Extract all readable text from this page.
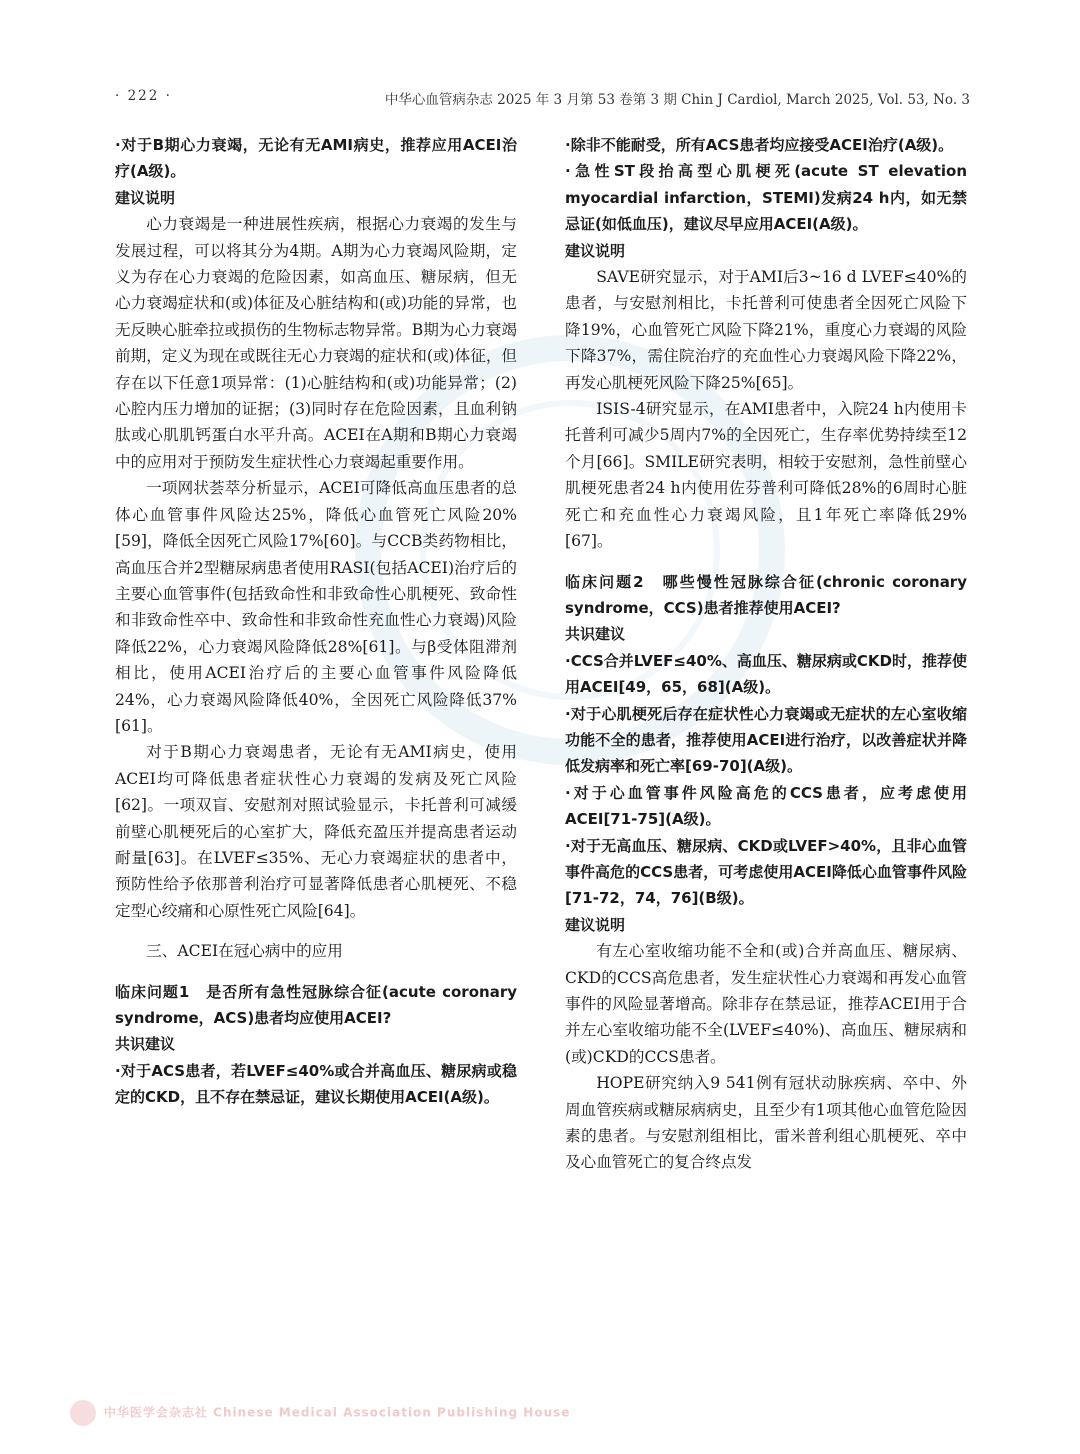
· 222 ·	中华心血管病杂志 2025 年 3 月第 53 卷第 3 期 Chin J Cardiol, March 2025, Vol. 53, No. 3

·对于B期心力衰竭，无论有无AMI病史，推荐应用ACEI治疗(A级)。

建议说明

心力衰竭是一种进展性疾病，根据心力衰竭的发生与发展过程，可以将其分为4期。A期为心力衰竭风险期，定义为存在心力衰竭的危险因素，如高血压、糖尿病，但无心力衰竭症状和(或)体征及心脏结构和(或)功能的异常，也无反映心脏牵拉或损伤的生物标志物异常。B期为心力衰竭前期，定义为现在或既往无心力衰竭的症状和(或)体征，但存在以下任意1项异常：(1)心脏结构和(或)功能异常；(2)心腔内压力增加的证据；(3)同时存在危险因素，且血利钠肽或心肌肌钙蛋白水平升高。ACEI在A期和B期心力衰竭中的应用对于预防发生症状性心力衰竭起重要作用。

一项网状荟萃分析显示，ACEI可降低高血压患者的总体心血管事件风险达25%，降低心血管死亡风险20%[59]，降低全因死亡风险17%[60]。与CCB类药物相比，高血压合并2型糖尿病患者使用RASI(包括ACEI)治疗后的主要心血管事件(包括致命性和非致命性心肌梗死、致命性和非致命性卒中、致命性和非致命性充血性心力衰竭)风险降低22%，心力衰竭风险降低28%[61]。与β受体阻滞剂相比，使用ACEI治疗后的主要心血管事件风险降低24%，心力衰竭风险降低40%，全因死亡风险降低37%[61]。

对于B期心力衰竭患者，无论有无AMI病史，使用ACEI均可降低患者症状性心力衰竭的发病及死亡风险[62]。一项双盲、安慰剂对照试验显示，卡托普利可减缓前壁心肌梗死后的心室扩大，降低充盈压并提高患者运动耐量[63]。在LVEF≤35%、无心力衰竭症状的患者中，预防性给予依那普利治疗可显著降低患者心肌梗死、不稳定型心绞痛和心原性死亡风险[64]。

三、ACEI在冠心病中的应用

临床问题1　是否所有急性冠脉综合征(acute coronary syndrome，ACS)患者均应使用ACEI?

共识建议

·对于ACS患者，若LVEF≤40%或合并高血压、糖尿病或稳定的CKD，且不存在禁忌证，建议长期使用ACEI(A级)。

·除非不能耐受，所有ACS患者均应接受ACEI治疗(A级)。

·急性ST段抬高型心肌梗死(acute ST elevation myocardial infarction，STEMI)发病24 h内，如无禁忌证(如低血压)，建议尽早应用ACEI(A级)。

建议说明

SAVE研究显示，对于AMI后3~16 d LVEF≤40%的患者，与安慰剂相比，卡托普利可使患者全因死亡风险下降19%，心血管死亡风险下降21%，重度心力衰竭的风险下降37%，需住院治疗的充血性心力衰竭风险下降22%，再发心肌梗死风险下降25%[65]。

ISIS-4研究显示，在AMI患者中，入院24 h内使用卡托普利可减少5周内7%的全因死亡，生存率优势持续至12个月[66]。SMILE研究表明，相较于安慰剂，急性前壁心肌梗死患者24 h内使用佐芬普利可降低28%的6周时心脏死亡和充血性心力衰竭风险，且1年死亡率降低29%[67]。

临床问题2　哪些慢性冠脉综合征(chronic coronary syndrome，CCS)患者推荐使用ACEI?

共识建议

·CCS合并LVEF≤40%、高血压、糖尿病或CKD时，推荐使用ACEI[49，65，68](A级)。

·对于心肌梗死后存在症状性心力衰竭或无症状的左心室收缩功能不全的患者，推荐使用ACEI进行治疗，以改善症状并降低发病率和死亡率[69-70](A级)。

·对于心血管事件风险高危的CCS患者，应考虑使用ACEI[71-75](A级)。

·对于无高血压、糖尿病、CKD或LVEF>40%，且非心血管事件高危的CCS患者，可考虑使用ACEI降低心血管事件风险[71-72，74，76](B级)。

建议说明

有左心室收缩功能不全和(或)合并高血压、糖尿病、CKD的CCS高危患者，发生症状性心力衰竭和再发心血管事件的风险显著增高。除非存在禁忌证，推荐ACEI用于合并左心室收缩功能不全(LVEF≤40%)、高血压、糖尿病和(或)CKD的CCS患者。

HOPE研究纳入9 541例有冠状动脉疾病、卒中、外周血管疾病或糖尿病病史，且至少有1项其他心血管危险因素的患者。与安慰剂组相比，雷米普利组心肌梗死、卒中及心血管死亡的复合终点发

中华医学会杂志社 Chinese Medical Association Publishing House
